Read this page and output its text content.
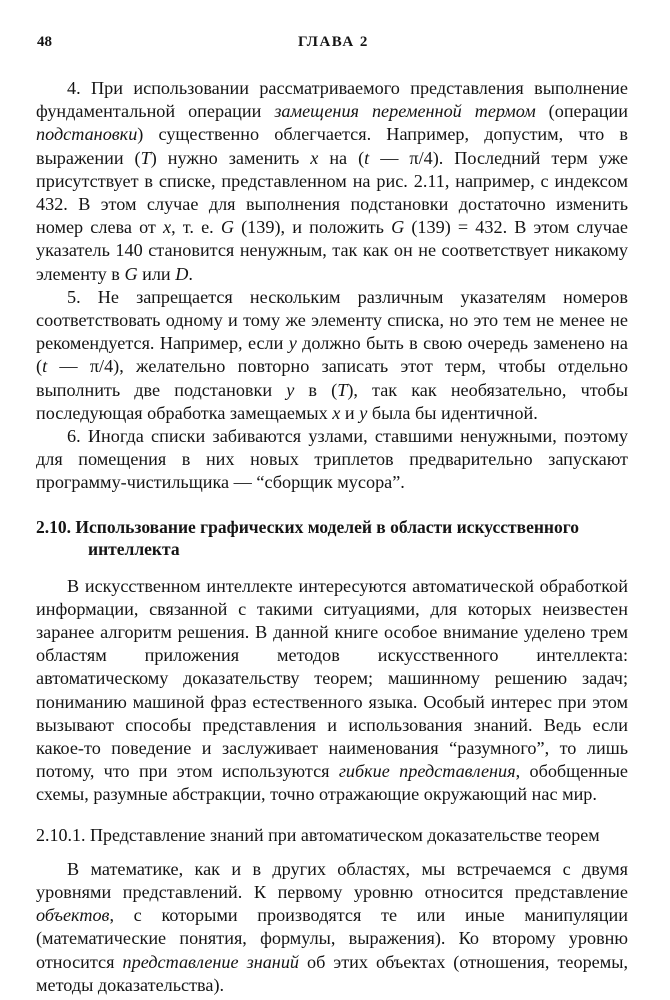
48	ГЛАВА 2

4. При использовании рассматриваемого представления выполнение фундаментальной операции замещения переменной термом (операции подстановки) существенно облегчается. Например, допустим, что в выражении (T) нужно заменить x на (t — π/4). Последний терм уже присутствует в списке, представленном на рис. 2.11, например, с индексом 432. В этом случае для выполнения подстановки достаточно изменить номер слева от x, т. е. G (139), и положить G (139) = 432. В этом случае указатель 140 становится ненужным, так как он не соответствует никакому элементу в G или D.

5. Не запрещается нескольким различным указателям номеров соответствовать одному и тому же элементу списка, но это тем не менее не рекомендуется. Например, если y должно быть в свою очередь заменено на (t — π/4), желательно повторно записать этот терм, чтобы отдельно выполнить две подстановки y в (T), так как необязательно, чтобы последующая обработка замещаемых x и y была бы идентичной.

6. Иногда списки забиваются узлами, ставшими ненужными, поэтому для помещения в них новых триплетов предварительно запускают программу-чистильщика — “сборщик мусора”.

2.10. Использование графических моделей в области искусственного интеллекта

В искусственном интеллекте интересуются автоматической обработкой информации, связанной с такими ситуациями, для которых неизвестен заранее алгоритм решения. В данной книге особое внимание уделено трем областям приложения методов искусственного интеллекта: автоматическому доказательству теорем; машинному решению задач; пониманию машиной фраз естественного языка. Особый интерес при этом вызывают способы представления и использования знаний. Ведь если какое-то поведение и заслуживает наименования “разумного”, то лишь потому, что при этом используются гибкие представления, обобщенные схемы, разумные абстракции, точно отражающие окружающий нас мир.

2.10.1. Представление знаний при автоматическом доказательстве теорем

В математике, как и в других областях, мы встречаемся с двумя уровнями представлений. К первому уровню относится представление объектов, с которыми производятся те или иные манипуляции (математические понятия, формулы, выражения). Ко второму уровню относится представление знаний об этих объектах (отношения, теоремы, методы доказательства).
